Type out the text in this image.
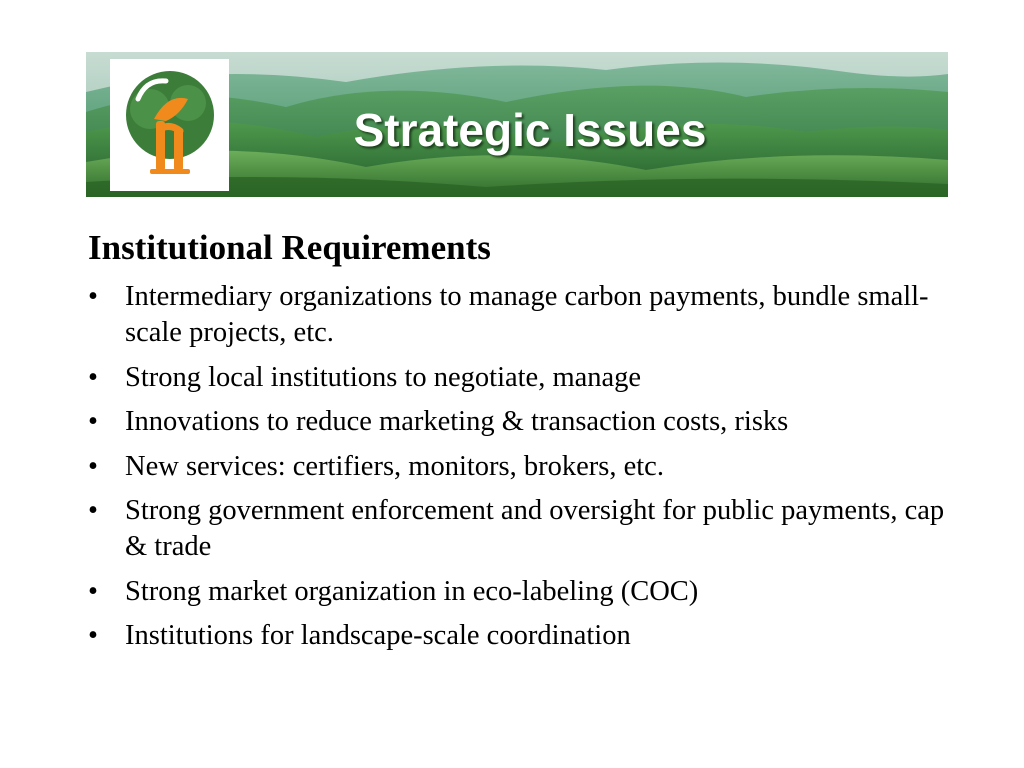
Strategic Issues
Institutional Requirements
• Intermediary organizations to manage carbon payments, bundle small-scale projects, etc.
• Strong local institutions to negotiate, manage
• Innovations to reduce marketing & transaction costs, risks
• New services: certifiers, monitors, brokers, etc.
• Strong government enforcement and oversight for public payments, cap & trade
• Strong market organization in eco-labeling (COC)
• Institutions for landscape-scale coordination
